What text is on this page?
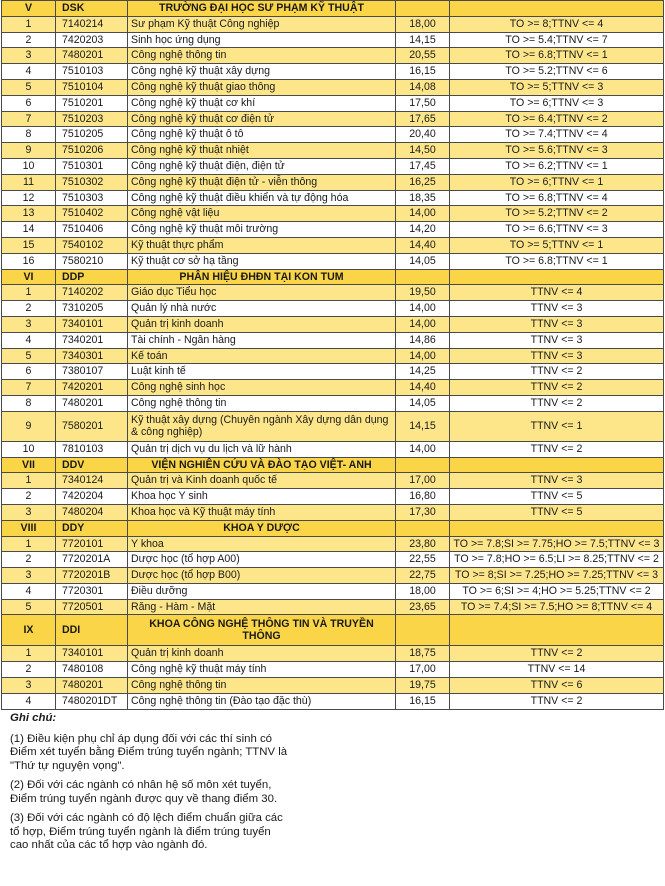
V	DSK	TRƯỜNG ĐẠI HỌC SƯ PHẠM KỸ THUẬT		
1	7140214	Sư phạm Kỹ thuật Công nghiệp	18,00	TO >= 8;TTNV <= 4
2	7420203	Sinh học ứng dụng	14,15	TO >= 5.4;TTNV <= 7
3	7480201	Công nghệ thông tin	20,55	TO >= 6.8;TTNV <= 1
4	7510103	Công nghệ kỹ thuật xây dựng	16,15	TO >= 5.2;TTNV <= 6
5	7510104	Công nghệ kỹ thuật giao thông	14,08	TO >= 5;TTNV <= 3
6	7510201	Công nghệ kỹ thuật cơ khí	17,50	TO >= 6;TTNV <= 3
7	7510203	Công nghệ kỹ thuật cơ điện tử	17,65	TO >= 6.4;TTNV <= 2
8	7510205	Công nghệ kỹ thuật ô tô	20,40	TO >= 7.4;TTNV <= 4
9	7510206	Công nghệ kỹ thuật nhiệt	14,50	TO >= 5.6;TTNV <= 3
10	7510301	Công nghệ kỹ thuật điện, điện tử	17,45	TO >= 6.2;TTNV <= 1
11	7510302	Công nghệ kỹ thuật điện tử - viễn thông	16,25	TO >= 6;TTNV <= 1
12	7510303	Công nghệ kỹ thuật điều khiển và tự động hóa	18,35	TO >= 6.8;TTNV <= 4
13	7510402	Công nghệ vật liệu	14,00	TO >= 5.2;TTNV <= 2
14	7510406	Công nghệ kỹ thuật môi trường	14,20	TO >= 6.6;TTNV <= 3
15	7540102	Kỹ thuật thực phẩm	14,40	TO >= 5;TTNV <= 1
16	7580210	Kỹ thuật cơ sở hạ tầng	14,05	TO >= 6.8;TTNV <= 1
VI	DDP	PHÂN HIỆU ĐHĐN TẠI KON TUM		
1	7140202	Giáo dục Tiểu học	19,50	TTNV <= 4
2	7310205	Quản lý nhà nước	14,00	TTNV <= 3
3	7340101	Quản trị kinh doanh	14,00	TTNV <= 3
4	7340201	Tài chính - Ngân hàng	14,86	TTNV <= 3
5	7340301	Kế toán	14,00	TTNV <= 3
6	7380107	Luật kinh tế	14,25	TTNV <= 2
7	7420201	Công nghệ sinh học	14,40	TTNV <= 2
8	7480201	Công nghệ thông tin	14,05	TTNV <= 2
9	7580201	Kỹ thuật xây dựng (Chuyên ngành Xây dựng dân dụng & công nghiệp)	14,15	TTNV <= 1
10	7810103	Quản trị dịch vụ du lịch và lữ hành	14,00	TTNV <= 2
VII	DDV	VIỆN NGHIÊN CỨU VÀ ĐÀO TẠO VIỆT- ANH		
1	7340124	Quản trị và Kinh doanh quốc tế	17,00	TTNV <= 3
2	7420204	Khoa học Y sinh	16,80	TTNV <= 5
3	7480204	Khoa học và Kỹ thuật máy tính	17,30	TTNV <= 5
VIII	DDY	KHOA Y DƯỢC		
1	7720101	Y khoa	23,80	TO >= 7.8;SI >= 7.75;HO >= 7.5;TTNV <= 3
2	7720201A	Dược học (tổ hợp A00)	22,55	TO >= 7.8;HO >= 6.5;LI >= 8.25;TTNV <= 2
3	7720201B	Dược học (tổ hợp B00)	22,75	TO >= 8;SI >= 7.25;HO >= 7.25;TTNV <= 3
4	7720301	Điều dưỡng	18,00	TO >= 6;SI >= 4;HO >= 5.25;TTNV <= 2
5	7720501	Răng - Hàm - Mặt	23,65	TO >= 7.4;SI >= 7.5;HO >= 8;TTNV <= 4
IX	DDI	KHOA CÔNG NGHỆ THÔNG TIN VÀ TRUYỀN THÔNG		
1	7340101	Quản trị kinh doanh	18,75	TTNV <= 2
2	7480108	Công nghệ kỹ thuật máy tính	17,00	TTNV <= 14
3	7480201	Công nghệ thông tin	19,75	TTNV <= 6
4	7480201DT	Công nghệ thông tin (Đào tạo đặc thù)	16,15	TTNV <= 2
Ghi chú:

(1) Điều kiện phụ chỉ áp dụng đối với các thí sinh có Điểm xét tuyển bằng Điểm trúng tuyển ngành; TTNV là "Thứ tự nguyện vọng".

(2) Đối với các ngành có nhân hệ số môn xét tuyển, Điểm trúng tuyển ngành được quy về thang điểm 30.

(3) Đối với các ngành có độ lệch điểm chuẩn giữa các tổ hợp, Điểm trúng tuyển ngành là điểm trúng tuyển cao nhất của các tổ hợp vào ngành đó.
